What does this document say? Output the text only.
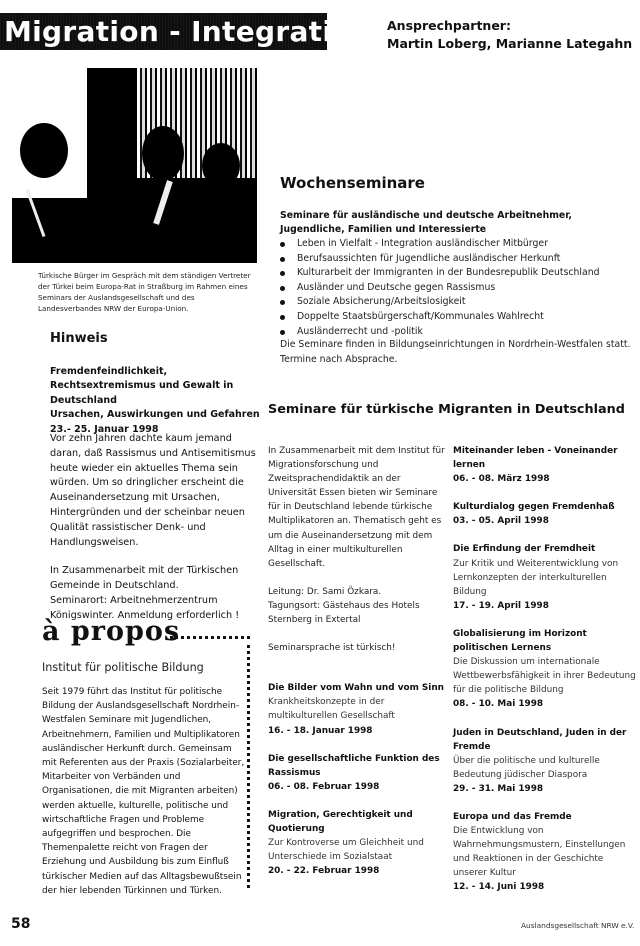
Migration - Integration Ansprechpartner:
Martin Loberg, Marianne Lategahn
Türkische Bürger im Gespräch mit dem ständigen Vertreter der Türkei beim Europa-Rat in Straßburg im Rahmen eines Seminars der Auslandsgesellschaft und des Landesverbandes NRW der Europa-Union.
Wochenseminare
Seminare für ausländische und deutsche Arbeitnehmer, Jugendliche, Familien und Interessierte
Leben in Vielfalt - Integration ausländischer Mitbürger
Berufsaussichten für Jugendliche ausländischer Herkunft
Kulturarbeit der Immigranten in der Bundesrepublik Deutschland
Ausländer und Deutsche gegen Rassismus
Soziale Absicherung/Arbeitslosigkeit
Doppelte Staatsbürgerschaft/Kommunales Wahlrecht
Ausländerrecht und -politik
Die Seminare finden in Bildungseinrichtungen in Nordrhein-Westfalen statt.
Termine nach Absprache.
Hinweis
Fremdenfeindlichkeit, Rechtsextremismus und Gewalt in Deutschland
Ursachen, Auswirkungen und Gefahren
23.- 25. Januar 1998

Vor zehn Jahren dachte kaum jemand daran, daß Rassismus und Antisemitismus heute wieder ein aktuelles Thema sein würden. Um so dringlicher erscheint die Auseinandersetzung mit Ursachen, Hintergründen und der scheinbar neuen Qualität rassistischer Denk- und Handlungsweisen.

In Zusammenarbeit mit der Türkischen Gemeinde in Deutschland.
Seminarort: Arbeitnehmerzentrum Königswinter. Anmeldung erforderlich !

à propos
Institut für politische Bildung
Seit 1979 führt das Institut für politische Bildung der Auslandsgesellschaft Nordrhein-Westfalen Seminare mit Jugendlichen, Arbeitnehmern, Familien und Multiplikatoren ausländischer Herkunft durch. Gemeinsam mit Referenten aus der Praxis (Sozialarbeiter, Mitarbeiter von Verbänden und Organisationen, die mit Migranten arbeiten) werden aktuelle, kulturelle, politische und wirtschaftliche Fragen und Probleme aufgegriffen und besprochen. Die Themenpalette reicht von Fragen der Erziehung und Ausbildung bis zum Einfluß türkischer Medien auf das Alltagsbewußtsein der hier lebenden Türkinnen und Türken.
Seminare für türkische Migranten in Deutschland
In Zusammenarbeit mit dem Institut für Migrationsforschung und Zweitsprachendidaktik an der Universität Essen bieten wir Seminare für in Deutschland lebende türkische Multiplikatoren an. Thematisch geht es um die Auseinandersetzung mit dem Alltag in einer multikulturellen Gesellschaft.
Leitung: Dr. Sami Özkara.
Tagungsort: Gästehaus des Hotels Sternberg in Extertal
Seminarsprache ist türkisch!
Die Bilder vom Wahn und vom Sinn
Krankheitskonzepte in der multikulturellen Gesellschaft
16. - 18. Januar 1998
Die gesellschaftliche Funktion des Rassismus
06. - 08. Februar 1998
Migration, Gerechtigkeit und Quotierung
Zur Kontroverse um Gleichheit und Unterschiede im Sozialstaat
20. - 22. Februar 1998
Miteinander leben - Voneinander lernen
06. - 08. März 1998
Kulturdialog gegen Fremdenhaß
03. - 05. April 1998
Die Erfindung der Fremdheit
Zur Kritik und Weiterentwicklung von Lernkonzepten der interkulturellen Bildung
17. - 19. April 1998
Globalisierung im Horizont politischen Lernens
Die Diskussion um internationale Wettbewerbsfähigkeit in ihrer Bedeutung für die politische Bildung
08. - 10. Mai 1998
Juden in Deutschland, Juden in der Fremde
Über die politische und kulturelle Bedeutung jüdischer Diaspora
29. - 31. Mai 1998
Europa und das Fremde
Die Entwicklung von Wahrnehmungsmustern, Einstellungen und Reaktionen in der Geschichte unserer Kultur
12. - 14. Juni 1998
58	Auslandsgesellschaft NRW e.V.
